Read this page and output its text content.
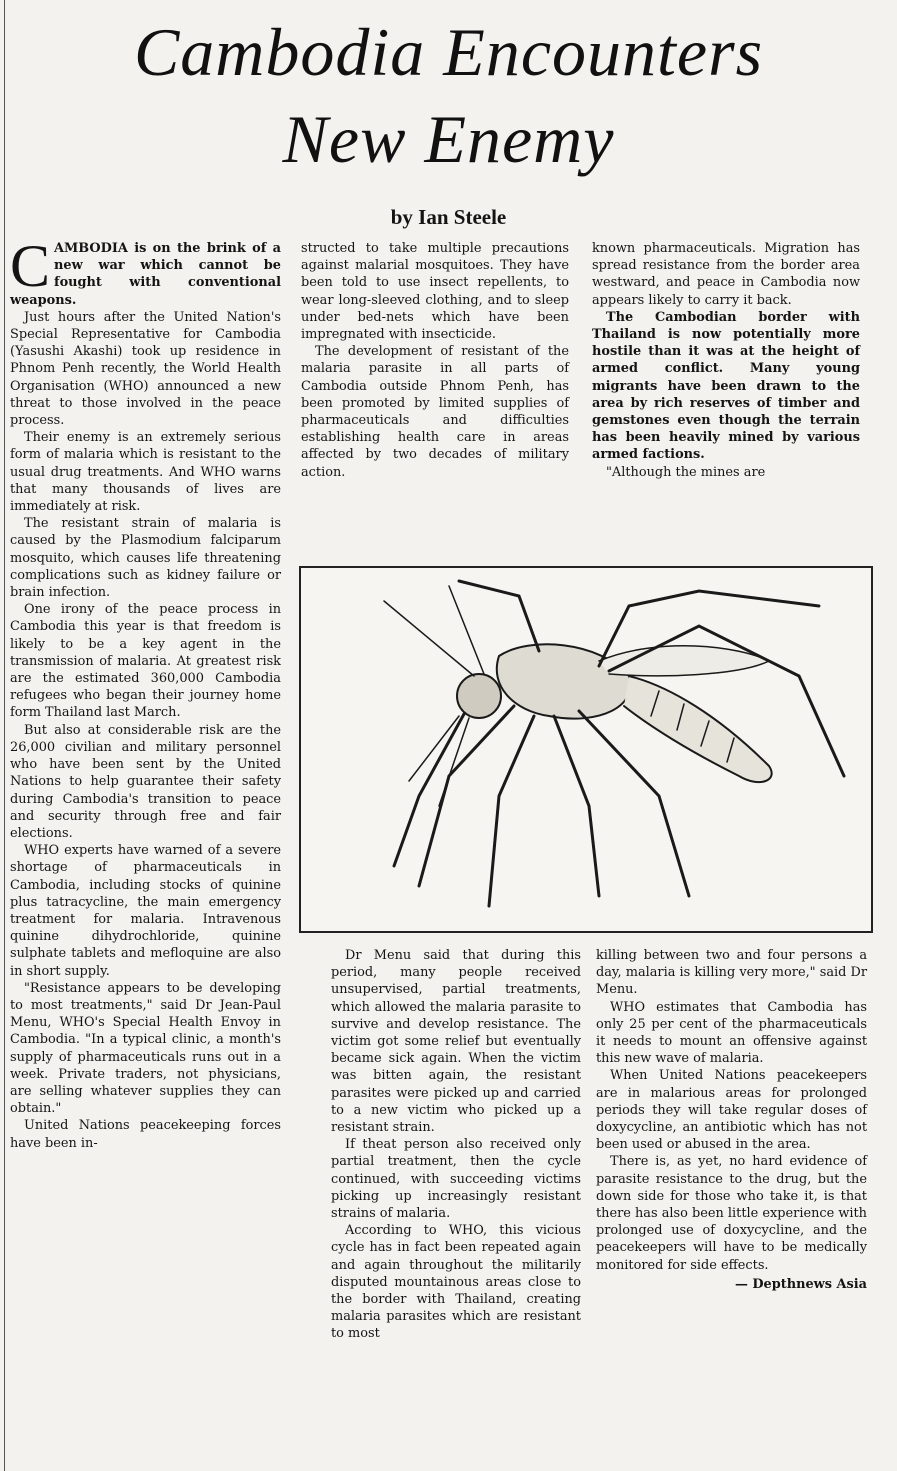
Cambodia Encounters
New Enemy
by Ian Steele

CAMBODIA is on the brink of a new war which cannot be fought with conventional weapons.

Just hours after the United Nation's Special Representative for Cambodia (Yasushi Akashi) took up residence in Phnom Penh recently, the World Health Organisation (WHO) announced a new threat to those involved in the peace process.

Their enemy is an extremely serious form of malaria which is resistant to the usual drug treatments. And WHO warns that many thousands of lives are immediately at risk.

The resistant strain of malaria is caused by the Plasmodium falciparum mosquito, which causes life threatening complications such as kidney failure or brain infection.

One irony of the peace process in Cambodia this year is that freedom is likely to be a key agent in the transmission of malaria. At greatest risk are the estimated 360,000 Cambodia refugees who began their journey home form Thailand last March.

But also at considerable risk are the 26,000 civilian and military personnel who have been sent by the United Nations to help guarantee their safety during Cambodia's transition to peace and security through free and fair elections.

WHO experts have warned of a severe shortage of pharmaceuticals in Cambodia, including stocks of quinine plus tatracycline, the main emergency treatment for malaria. Intravenous quinine dihydrochloride, quinine sulphate tablets and mefloquine are also in short supply.

"Resistance appears to be developing to most treatments," said Dr Jean-Paul Menu, WHO's Special Health Envoy in Cambodia. "In a typical clinic, a month's supply of pharmaceuticals runs out in a week. Private traders, not physicians, are selling whatever supplies they can obtain."

United Nations peacekeeping forces have been in-

structed to take multiple precautions against malarial mosquitoes. They have been told to use insect repellents, to wear long-sleeved clothing, and to sleep under bed-nets which have been impregnated with insecticide.

The development of resistant of the malaria parasite in all parts of Cambodia outside Phnom Penh, has been promoted by limited supplies of pharmaceuticals and difficulties establishing health care in areas affected by two decades of military action.

known pharmaceuticals. Migration has spread resistance from the border area westward, and peace in Cambodia now appears likely to carry it back.

The Cambodian border with Thailand is now potentially more hostile than it was at the height of armed conflict. Many young migrants have been drawn to the area by rich reserves of timber and gemstones even though the terrain has been heavily mined by various armed factions.

"Although the mines are

Dr Menu said that during this period, many people received unsupervised, partial treatments, which allowed the malaria parasite to survive and develop resistance. The victim got some relief but eventually became sick again. When the victim was bitten again, the resistant parasites were picked up and carried to a new victim who picked up a resistant strain.

If theat person also received only partial treatment, then the cycle continued, with succeeding victims picking up increasingly resistant strains of malaria.

According to WHO, this vicious cycle has in fact been repeated again and again throughout the militarily disputed mountainous areas close to the border with Thailand, creating malaria parasites which are resistant to most

killing between two and four persons a day, malaria is killing very more," said Dr Menu.

WHO estimates that Cambodia has only 25 per cent of the pharmaceuticals it needs to mount an offensive against this new wave of malaria.

When United Nations peacekeepers are in malarious areas for prolonged periods they will take regular doses of doxycycline, an antibiotic which has not been used or abused in the area.

There is, as yet, no hard evidence of parasite resistance to the drug, but the down side for those who take it, is that there has also been little experience with prolonged use of doxycycline, and the peacekeepers will have to be medically monitored for side effects.

— Depthnews Asia
